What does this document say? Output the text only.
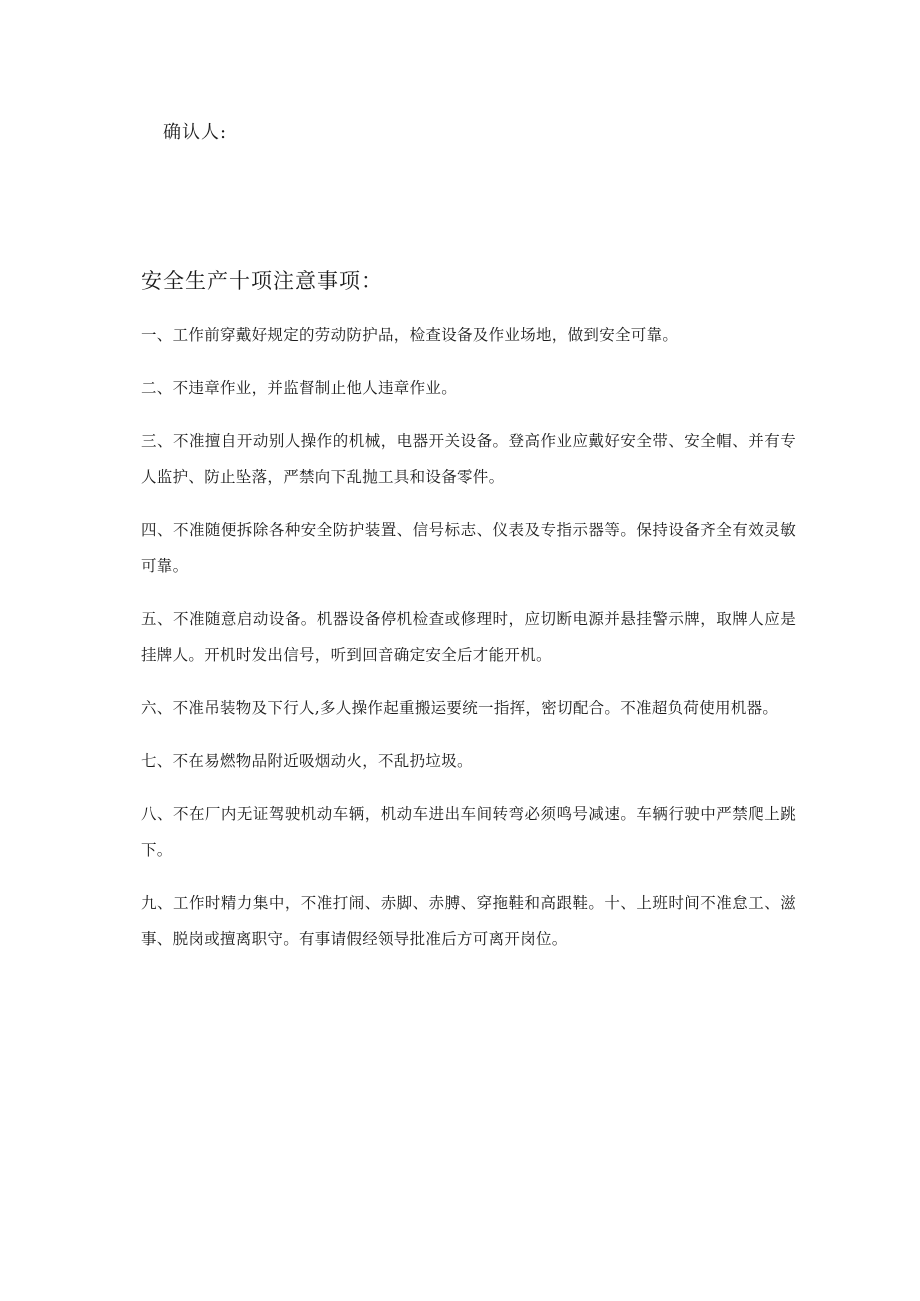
确认人:
安全生产十项注意事项：

一、工作前穿戴好规定的劳动防护品，检查设备及作业场地，做到安全可靠。

二、不违章作业，并监督制止他人违章作业。

三、不准擅自开动别人操作的机械，电器开关设备。登高作业应戴好安全带、安全帽、并有专人监护、防止坠落，严禁向下乱抛工具和设备零件。

四、不准随便拆除各种安全防护装置、信号标志、仪表及专指示器等。保持设备齐全有效灵敏可靠。

五、不准随意启动设备。机器设备停机检查或修理时，应切断电源并悬挂警示牌，取牌人应是挂牌人。开机时发出信号，听到回音确定安全后才能开机。

六、不准吊装物及下行人,多人操作起重搬运要统一指挥，密切配合。不准超负荷使用机器。

七、不在易燃物品附近吸烟动火，不乱扔垃圾。

八、不在厂内无证驾驶机动车辆，机动车进出车间转弯必须鸣号减速。车辆行驶中严禁爬上跳下。

九、工作时精力集中，不准打闹、赤脚、赤膊、穿拖鞋和高跟鞋。十、上班时间不准怠工、滋事、脱岗或擅离职守。有事请假经领导批准后方可离开岗位。
